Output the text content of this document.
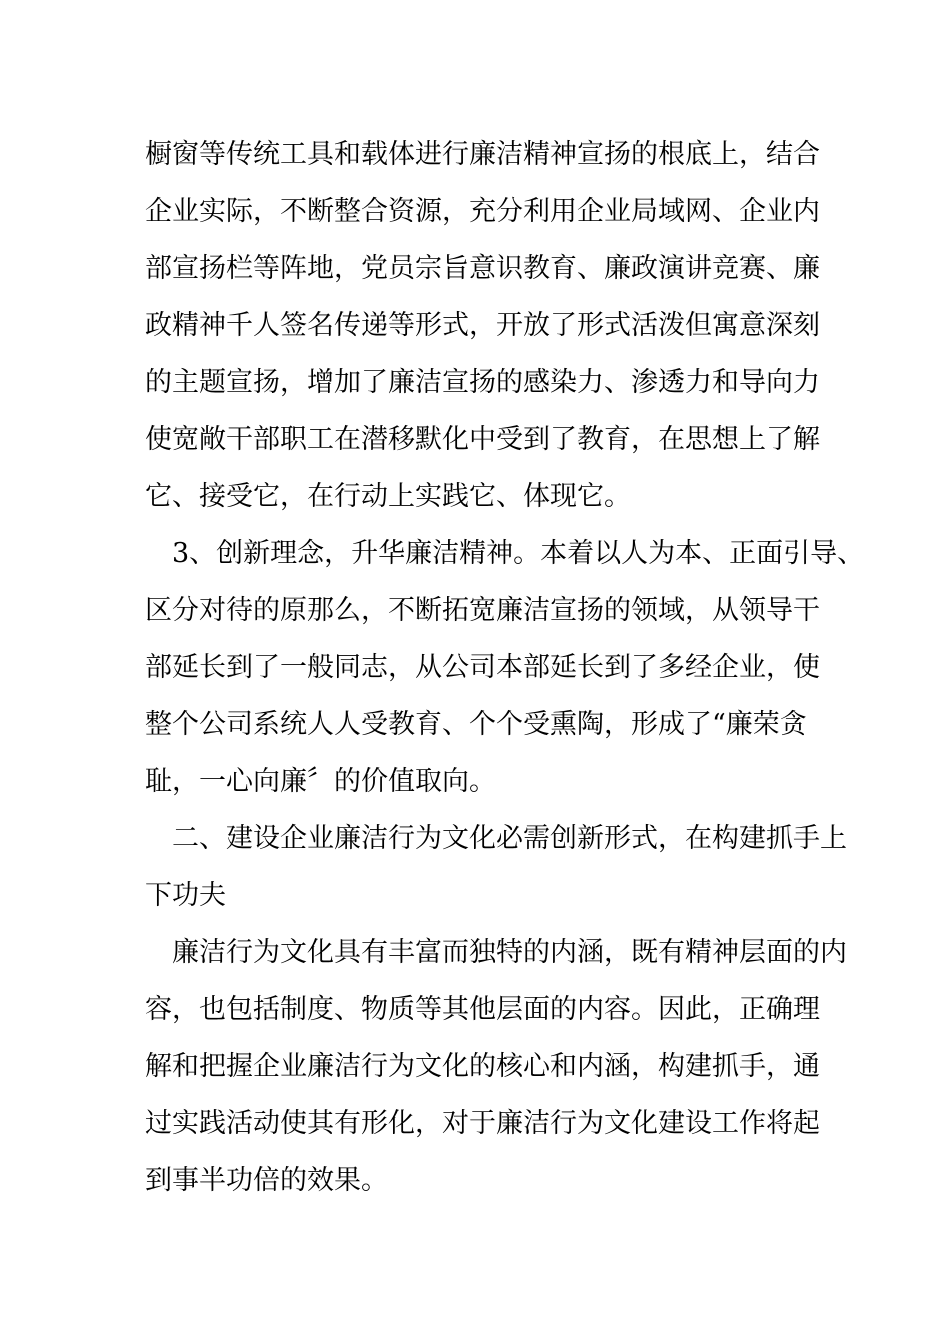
橱窗等传统工具和载体进行廉洁精神宣扬的根底上，结合
企业实际，不断整合资源，充分利用企业局域网、企业内
部宣扬栏等阵地，党员宗旨意识教育、廉政演讲竞赛、廉
政精神千人签名传递等形式，开放了形式活泼但寓意深刻
的主题宣扬，增加了廉洁宣扬的感染力、渗透力和导向力
使宽敞干部职工在潜移默化中受到了教育，在思想上了解
它、接受它，在行动上实践它、体现它。
3、创新理念，升华廉洁精神。本着以人为本、正面引导、
区分对待的原那么，不断拓宽廉洁宣扬的领域，从领导干
部延长到了一般同志，从公司本部延长到了多经企业，使
整个公司系统人人受教育、个个受熏陶，形成了“廉荣贪
耻，一心向廉〞的价值取向。
二、建设企业廉洁行为文化必需创新形式，在构建抓手上
下功夫
廉洁行为文化具有丰富而独特的内涵，既有精神层面的内
容，也包括制度、物质等其他层面的内容。因此，正确理
解和把握企业廉洁行为文化的核心和内涵，构建抓手，通
过实践活动使其有形化，对于廉洁行为文化建设工作将起
到事半功倍的效果。
